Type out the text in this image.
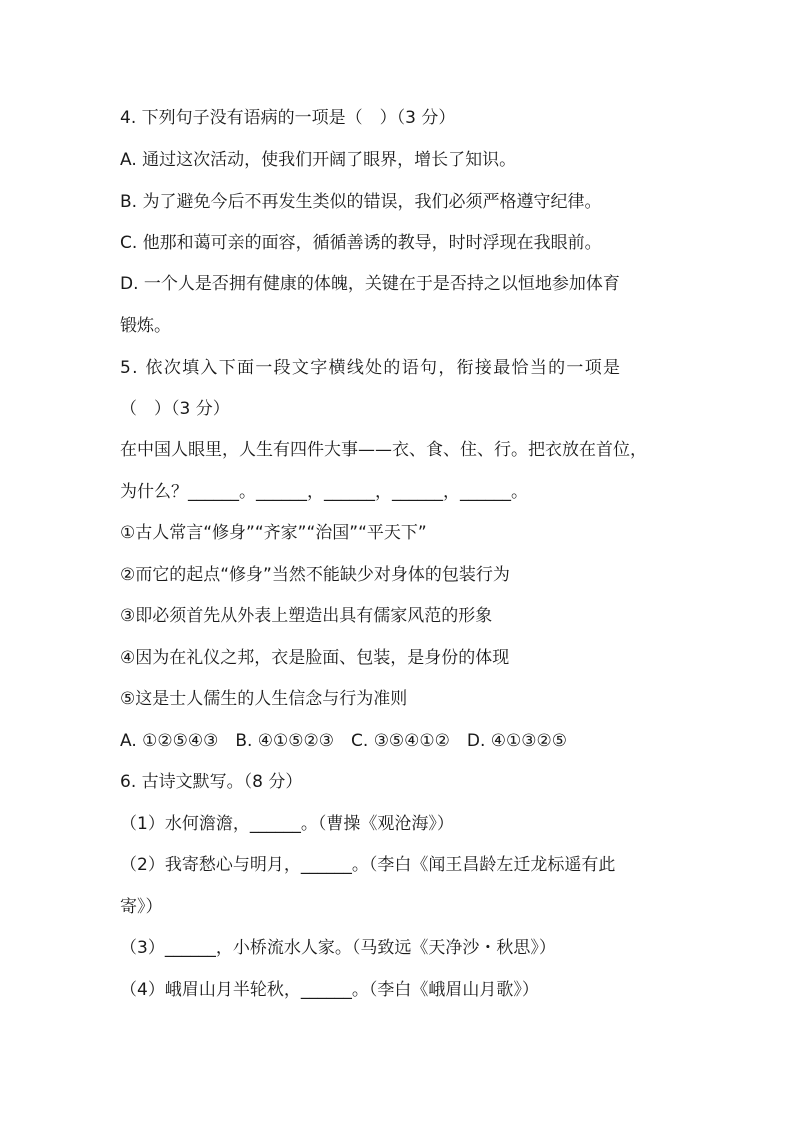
4. 下列句子没有语病的一项是（　）（3 分）
A. 通过这次活动，使我们开阔了眼界，增长了知识。
B. 为了避免今后不再发生类似的错误，我们必须严格遵守纪律。
C. 他那和蔼可亲的面容，循循善诱的教导，时时浮现在我眼前。
D. 一个人是否拥有健康的体魄，关键在于是否持之以恒地参加体育
锻炼。
5. 依次填入下面一段文字横线处的语句，衔接最恰当的一项是
（　）（3 分）
在中国人眼里，人生有四件大事——衣、食、住、行。把衣放在首位，
为什么？______。______，______，______，______。
①古人常言“修身”“齐家”“治国”“平天下”
②而它的起点“修身”当然不能缺少对身体的包装行为
③即必须首先从外表上塑造出具有儒家风范的形象
④因为在礼仪之邦，衣是脸面、包装，是身份的体现
⑤这是士人儒生的人生信念与行为准则
A. ①②⑤④③　B. ④①⑤②③　C. ③⑤④①②　D. ④①③②⑤
6. 古诗文默写。（8 分）
（1）水何澹澹，______。（曹操《观沧海》）
（2）我寄愁心与明月，______。（李白《闻王昌龄左迁龙标遥有此
寄》）
（3）______，小桥流水人家。（马致远《天净沙・秋思》）
（4）峨眉山月半轮秋，______。（李白《峨眉山月歌》）
